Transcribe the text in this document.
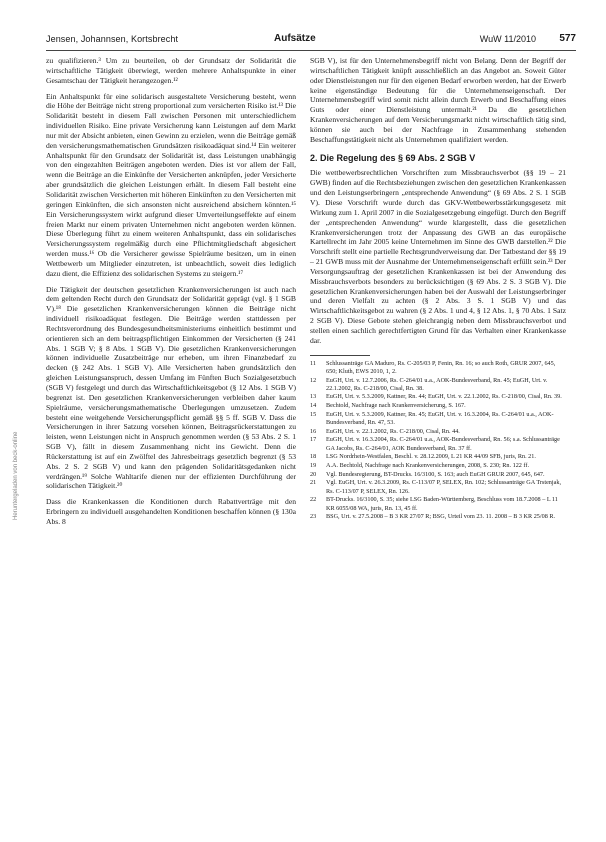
Jensen, Johannsen, Kortsbrecht	Aufsätze	WuW 11/2010 577

zu qualifizieren.³ Um zu beurteilen, ob der Grundsatz der Solidarität die wirtschaftliche Tätigkeit überwiegt, werden mehrere Anhaltspunkte in einer Gesamtschau der Tätigkeit herangezogen.¹²

Ein Anhaltspunkt für eine solidarisch ausgestaltete Versicherung besteht, wenn die Höhe der Beiträge nicht streng proportional zum versicherten Risiko ist.¹³ Die Solidarität besteht in diesem Fall zwischen Personen mit unterschiedlichem individuellen Risiko. Eine private Versicherung kann Leistungen auf dem Markt nur mit der Absicht anbieten, einen Gewinn zu erzielen, wenn die Beiträge gemäß den versicherungsmathematischen Grundsätzen risikoadäquat sind.¹⁴ Ein weiterer Anhaltspunkt für den Grundsatz der Solidarität ist, dass Leistungen unabhängig von den eingezahlten Beiträgen angeboten werden. Dies ist vor allem der Fall, wenn die Beiträge an die Einkünfte der Versicherten anknüpfen, jeder Versicherte aber grundsätzlich die gleichen Leistungen erhält. In diesem Fall besteht eine Solidarität zwischen Versicherten mit höheren Einkünften zu den Versicherten mit geringen Einkünften, die sich ansonsten nicht ausreichend absichern könnten.¹⁵ Ein Versicherungssystem wirkt aufgrund dieser Umverteilungseffekte auf einem freien Markt nur einem privaten Unternehmen nicht angeboten werden können. Diese Überlegung führt zu einem weiteren Anhaltspunkt, dass ein solidarisches Versicherungssystem regelmäßig durch eine Pflichtmitgliedschaft abgesichert werden muss.¹⁶ Ob die Versicherer gewisse Spielräume besitzen, um in einen Wettbewerb um Mitglieder einzutreten, ist unbeachtlich, soweit dies lediglich dazu dient, die Effizienz des solidarischen Systems zu steigern.¹⁷

Die Tätigkeit der deutschen gesetzlichen Krankenversicherungen ist auch nach dem geltenden Recht durch den Grundsatz der Solidarität geprägt (vgl. § 1 SGB V).¹⁸ Die gesetzlichen Krankenversicherungen können die Beiträge nicht individuell risikoadäquat festlegen. Die Beiträge werden stattdessen per Rechtsverordnung des Bundesgesundheitsministeriums einheitlich bestimmt und orientieren sich an dem beitragspflichtigen Einkommen der Versicherten (§ 241 Abs. 1 SGB V; § 8 Abs. 1 SGB V). Die gesetzlichen Krankenversicherungen können individuelle Zusatzbeiträge nur erheben, um ihren Finanzbedarf zu decken (§ 242 Abs. 1 SGB V). Alle Versicherten haben grundsätzlich den gleichen Leistungsanspruch, dessen Umfang im Fünften Buch Sozialgesetzbuch (SGB V) festgelegt und durch das Wirtschaftlichkeitsgebot (§ 12 Abs. 1 SGB V) begrenzt ist. Den gesetzlichen Krankenversicherungen verbleiben daher kaum Spielräume, versicherungsmathematische Überlegungen umzusetzen. Zudem besteht eine weitgehende Versicherungspflicht gemäß §§ 5 ff. SGB V. Dass die Versicherungen in ihrer Satzung vorsehen können, Beitragsrückerstattungen zu leisten, wenn Leistungen nicht in Anspruch genommen werden (§ 53 Abs. 2 S. 1 SGB V), fällt in diesem Zusammenhang nicht ins Gewicht. Denn die Rückerstattung ist auf ein Zwölftel des Jahresbeitrags gesetzlich begrenzt (§ 53 Abs. 2 S. 2 SGB V) und kann den prägenden Solidaritätsgedanken nicht verdrängen.¹⁹ Solche Wahltarife dienen nur der effizienten Durchführung der solidarischen Tätigkeit.²⁰

Dass die Krankenkassen die Konditionen durch Rabattverträge mit den Erbringern zu individuell ausgehandelten Konditionen beschaffen können (§ 130a Abs. 8

SGB V), ist für den Unternehmensbegriff nicht von Belang. Denn der Begriff der wirtschaftlichen Tätigkeit knüpft ausschließlich an das Angebot an. Soweit Güter oder Dienstleistungen nur für den eigenen Bedarf erworben werden, hat der Erwerb keine eigenständige Bedeutung für die Unternehmenseigenschaft. Der Unternehmensbegriff wird somit nicht allein durch Erwerb und Beschaffung eines Guts oder einer Dienstleistung untermalt.²¹ Da die gesetzlichen Krankenversicherungen auf dem Versicherungsmarkt nicht wirtschaftlich tätig sind, können sie auch bei der Nachfrage in Zusammenhang stehenden Beschaffungstätigkeit nicht als Unternehmen qualifiziert werden.

2. Die Regelung des § 69 Abs. 2 SGB V

Die wettbewerbsrechtlichen Vorschriften zum Missbrauchsverbot (§§ 19 – 21 GWB) finden auf die Rechtsbeziehungen zwischen den gesetzlichen Krankenkassen und den Leistungserbringern „entsprechende Anwendung“ (§ 69 Abs. 2 S. 1 SGB V). Diese Vorschrift wurde durch das GKV-Wettbewerbsstärkungsgesetz mit Wirkung zum 1. April 2007 in die Sozialgesetzgebung eingefügt. Durch den Begriff der „entsprechenden Anwendung“ wurde klargestellt, dass die gesetzlichen Krankenversicherungen trotz der Anpassung des GWB an das europäische Kartellrecht im Jahr 2005 keine Unternehmen im Sinne des GWB darstellen.²² Die Vorschrift stellt eine partielle Rechtsgrundverweisung dar. Der Tatbestand der §§ 19 – 21 GWB muss mit der Ausnahme der Unternehmenseigenschaft erfüllt sein.²³ Der Versorgungsauftrag der gesetzlichen Krankenkassen ist bei der Anwendung des Missbrauchsverbots besonders zu berücksichtigen (§ 69 Abs. 2 S. 3 SGB V). Die gesetzlichen Krankenversicherungen haben bei der Auswahl der Leistungserbringer und deren Vielfalt zu achten (§ 2 Abs. 3 S. 1 SGB V) und das Wirtschaftlichkeitsgebot zu wahren (§ 2 Abs. 1 und 4, § 12 Abs. 1, § 70 Abs. 1 Satz 2 SGB V). Diese Gebote stehen gleichrangig neben dem Missbrauchsverbot und stellen einen sachlich gerechtfertigten Grund für das Verhalten einer Krankenkasse dar.

11	Schlussanträge GA Maduro, Rs. C-205/03 P, Fenin, Rn. 16; so auch Roth, GRUR 2007, 645, 650; Kluth, EWS 2010, 1, 2.
12	EuGH, Urt. v. 12.7.2006, Rs. C-264/01 u.a., AOK-Bundesverband, Rn. 45; EuGH, Urt. v. 22.1.2002, Rs. C-218/00, Cisal, Rn. 38.
13	EuGH, Urt. v. 5.3.2009, Kattner, Rn. 44; EuGH, Urt. v. 22.1.2002, Rs. C-218/00, Cisal, Rn. 39.
14	Bechtold, Nachfrage nach Krankenversicherung, S. 167.
15	EuGH, Urt. v. 5.3.2009, Kattner, Rn. 45; EuGH, Urt. v. 16.3.2004, Rs. C-264/01 u.a., AOK-Bundesverband, Rn. 47, 53.
16	EuGH, Urt. v. 22.1.2002, Rs. C-218/00, Cisal, Rn. 44.
17	EuGH, Urt. v. 16.3.2004, Rs. C-264/01 u.a., AOK-Bundesverband, Rn. 56; s.a. Schlussanträge GA Jacobs, Rs. C-264/01, AOK Bundesverband, Rn. 37 ff.
18	LSG Nordrhein-Westfalen, Beschl. v. 28.12.2009, L 21 KR 44/09 SFB, juris, Rn. 21.
19	A.A. Bechtold, Nachfrage nach Krankenversicherungen, 2008, S. 230; Rn. 122 ff.
20	Vgl. Bundesregierung, BT-Drucks. 16/3100, S. 163; auch EuGH GRUR 2007, 645, 647.
21	Vgl. EuGH, Urt. v. 26.3.2009, Rs. C-113/07 P, SELEX, Rn. 102; Schlussanträge GA Trstenjak, Rs. C-113/07 P, SELEX, Rn. 126.
22	BT-Drucks. 16/3100, S. 35; siehe LSG Baden-Württemberg, Beschluss vom 18.7.2008 – L 11 KR 6055/08 WA, juris, Rn. 13, 45 ff.
23	BSG, Urt. v. 27.5.2008 – B 3 KR 27/07 R; BSG, Urteil vom 23. 11. 2008 – B 3 KR 25/08 R.
Heruntergeladen von beck-online
